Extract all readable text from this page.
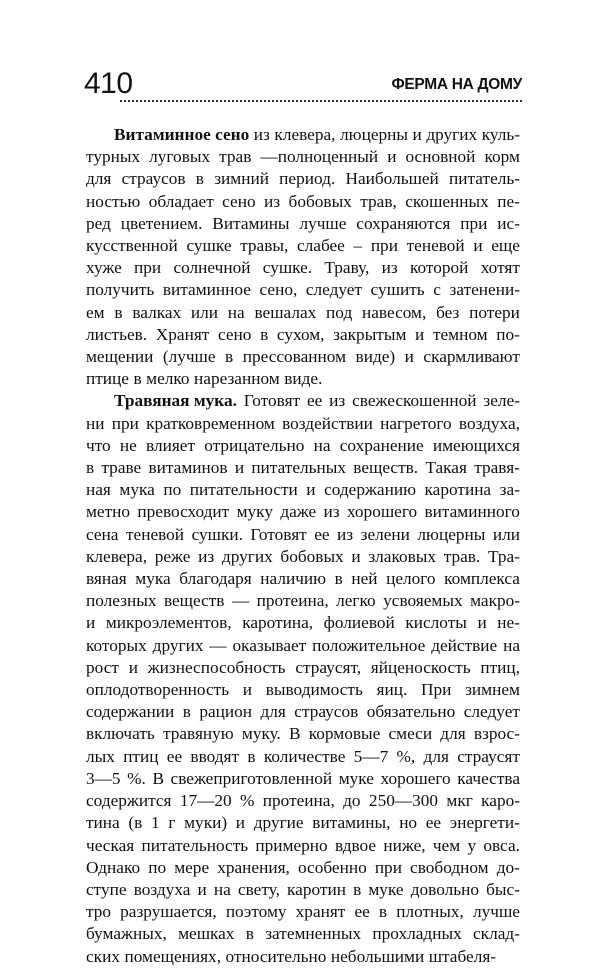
410	ФЕРМА НА ДОМУ
Витаминное сено из клевера, люцерны и других куль-
турных луговых трав —полноценный и основной корм
для страусов в зимний период. Наибольшей питатель-
ностью обладает сено из бобовых трав, скошенных пе-
ред цветением. Витамины лучше сохраняются при ис-
кусственной сушке травы, слабее – при теневой и еще
хуже при солнечной сушке. Траву, из которой хотят
получить витаминное сено, следует сушить с затенени-
ем в валках или на вешалах под навесом, без потери
листьев. Хранят сено в сухом, закрытым и темном по-
мещении (лучше в прессованном виде) и скармливают
птице в мелко нарезанном виде.
Травяная мука. Готовят ее из свежескошенной зеле-
ни при кратковременном воздействии нагретого воздуха,
что не влияет отрицательно на сохранение имеющихся
в траве витаминов и питательных веществ. Такая травя-
ная мука по питательности и содержанию каротина за-
метно превосходит муку даже из хорошего витаминного
сена теневой сушки. Готовят ее из зелени люцерны или
клевера, реже из других бобовых и злаковых трав. Тра-
вяная мука благодаря наличию в ней целого комплекса
полезных веществ — протеина, легко усвояемых макро-
и микроэлементов, каротина, фолиевой кислоты и не-
которых других — оказывает положительное действие на
рост и жизнеспособность страусят, яйценоскость птиц,
оплодотворенность и выводимость яиц. При зимнем
содержании в рацион для страусов обязательно следует
включать травяную муку. В кормовые смеси для взрос-
лых птиц ее вводят в количестве 5—7 %, для страусят
3—5 %. В свежеприготовленной муке хорошего качества
содержится 17—20 % протеина, до 250—300 мкг каро-
тина (в 1 г муки) и другие витамины, но ее энергети-
ческая питательность примерно вдвое ниже, чем у овса.
Однако по мере хранения, особенно при свободном до-
ступе воздуха и на свету, каротин в муке довольно быс-
тро разрушается, поэтому хранят ее в плотных, лучше
бумажных, мешках в затемненных прохладных склад-
ских помещениях, относительно небольшими штабеля-
